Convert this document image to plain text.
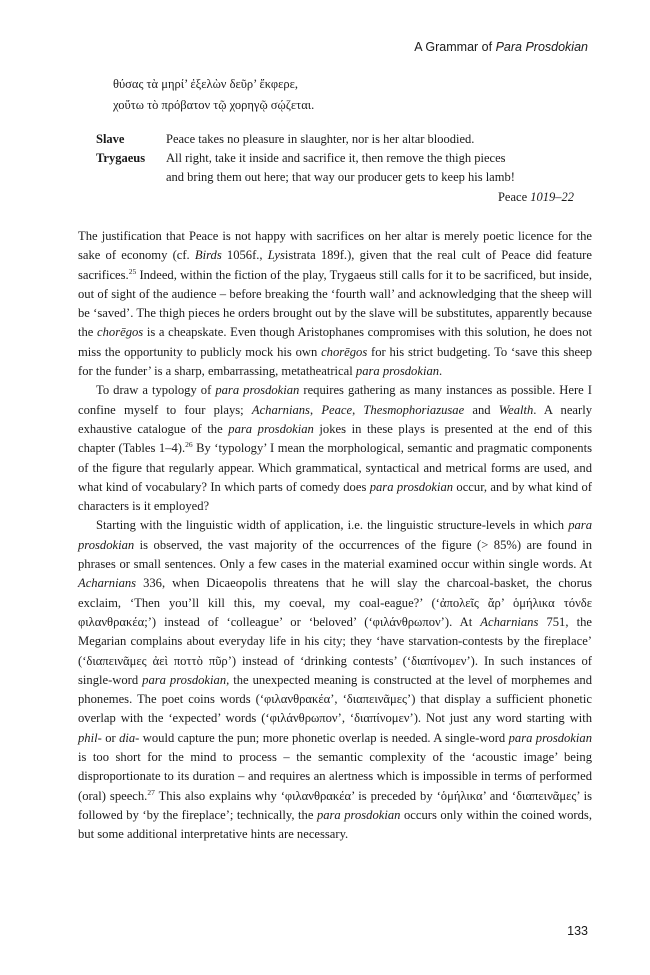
A Grammar of Para Prosdokian
θύσας τὰ μηρί’ ἐξελὼν δεῦρ’ ἔκφερε,
χοὔτω τὸ πρόβατον τῷ χορηγῷ σῴζεται.
Slave	Peace takes no pleasure in slaughter, nor is her altar bloodied.
Trygaeus	All right, take it inside and sacrifice it, then remove the thigh pieces
and bring them out here; that way our producer gets to keep his lamb!
Peace 1019–22

The justification that Peace is not happy with sacrifices on her altar is merely poetic licence for the sake of economy (cf. Birds 1056f., Lysistrata 189f.), given that the real cult of Peace did feature sacrifices.$^{25}$ Indeed, within the fiction of the play, Trygaeus still calls for it to be sacrificed, but inside, out of sight of the audience – before breaking the ‘fourth wall’ and acknowledging that the sheep will be ‘saved’. The thigh pieces he orders brought out by the slave will be substitutes, apparently because the chorēgos is a cheapskate. Even though Aristophanes compromises with this solution, he does not miss the opportunity to publicly mock his own chorēgos for his strict budgeting. To ‘save this sheep for the funder’ is a sharp, embarrassing, metatheatrical para prosdokian.

To draw a typology of para prosdokian requires gathering as many instances as possible. Here I confine myself to four plays; Acharnians, Peace, Thesmophoriazusae and Wealth. A nearly exhaustive catalogue of the para prosdokian jokes in these plays is presented at the end of this chapter (Tables 1–4).$^{26}$ By ‘typology’ I mean the morphological, semantic and pragmatic components of the figure that regularly appear. Which grammatical, syntactical and metrical forms are used, and what kind of vocabulary? In which parts of comedy does para prosdokian occur, and by what kind of characters is it employed?

Starting with the linguistic width of application, i.e. the linguistic structure-levels in which para prosdokian is observed, the vast majority of the occurrences of the figure (> 85%) are found in phrases or small sentences. Only a few cases in the material examined occur within single words. At Acharnians 336, when Dicaeopolis threatens that he will slay the charcoal-basket, the chorus exclaim, ‘Then you’ll kill this, my coeval, my coal-eague?’ (‘ἀπολεῖς ἄρ’ ὁμήλικα τόνδε φιλανθρακέα;’) instead of ‘colleague’ or ‘beloved’ (‘φιλάνθρωπον’). At Acharnians 751, the Megarian complains about everyday life in his city; they ‘have starvation-contests by the fireplace’ (‘διαπεινᾶμες ἀεὶ ποττὸ πῦρ’) instead of ‘drinking contests’ (‘διαπίνομεν’). In such instances of single-word para prosdokian, the unexpected meaning is constructed at the level of morphemes and phonemes. The poet coins words (‘φιλανθρακέα’, ‘διαπεινᾶμες’) that display a sufficient phonetic overlap with the ‘expected’ words (‘φιλάνθρωπον’, ‘διαπίνομεν’). Not just any word starting with phil- or dia- would capture the pun; more phonetic overlap is needed. A single-word para prosdokian is too short for the mind to process – the semantic complexity of the ‘acoustic image’ being disproportionate to its duration – and requires an alertness which is impossible in terms of performed (oral) speech.$^{27}$ This also explains why ‘φιλανθρακέα’ is preceded by ‘ὁμήλικα’ and ‘διαπεινᾶμες’ is followed by ‘by the fireplace’; technically, the para prosdokian occurs only within the coined words, but some additional interpretative hints are necessary.

133
